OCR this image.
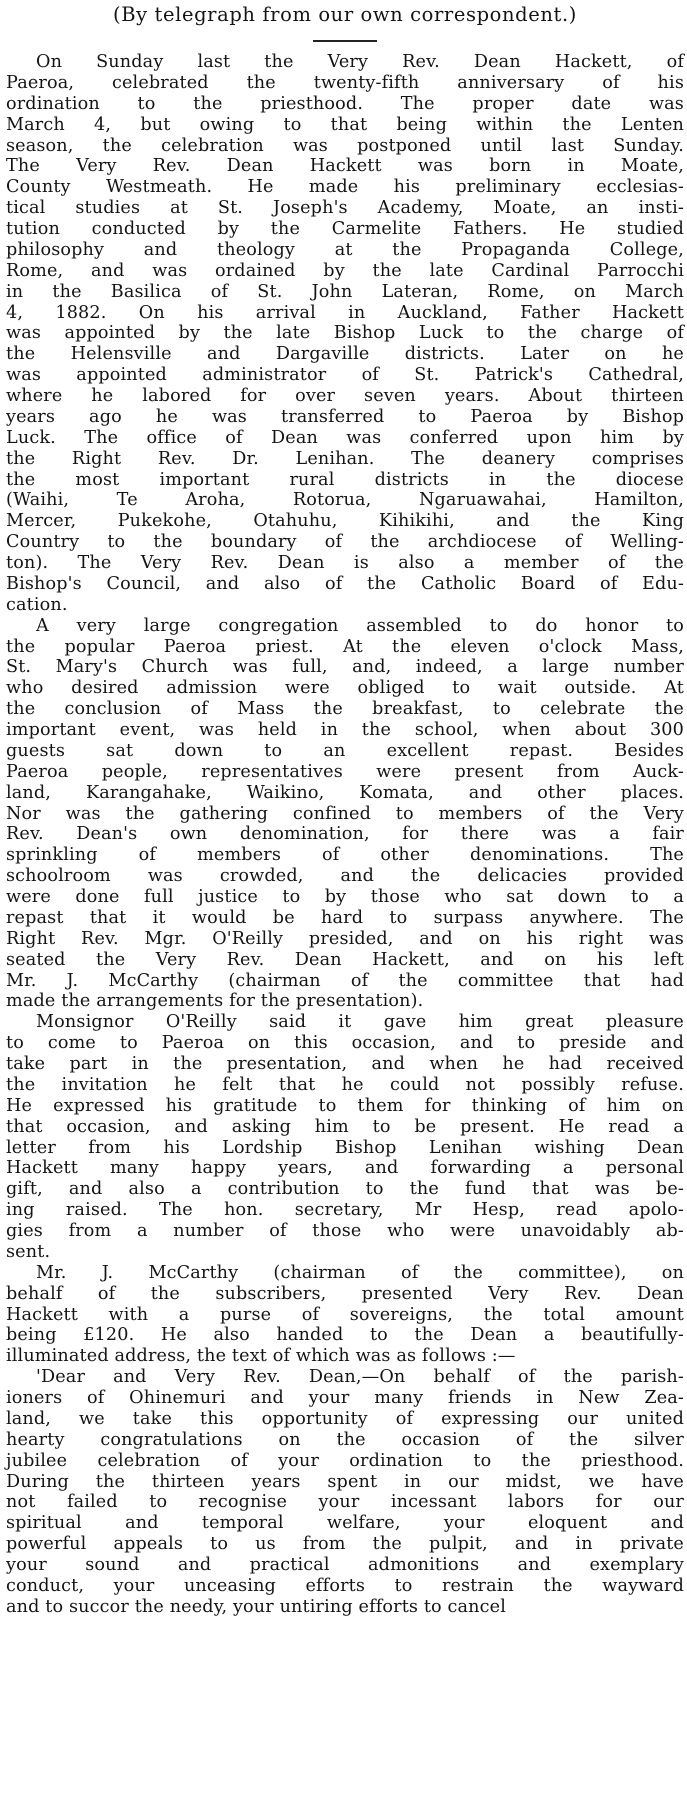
(By telegraph from our own correspondent.)
On Sunday last the Very Rev. Dean Hackett, of
Paeroa, celebrated the twenty-fifth anniversary of his
ordination to the priesthood. The proper date was
March 4, but owing to that being within the Lenten
season, the celebration was postponed until last Sunday.
The Very Rev. Dean Hackett was born in Moate,
County Westmeath. He made his preliminary ecclesias-
tical studies at St. Joseph's Academy, Moate, an insti-
tution conducted by the Carmelite Fathers. He studied
philosophy and theology at the Propaganda College,
Rome, and was ordained by the late Cardinal Parrocchi
in the Basilica of St. John Lateran, Rome, on March
4, 1882. On his arrival in Auckland, Father Hackett
was appointed by the late Bishop Luck to the charge of
the Helensville and Dargaville districts. Later on he
was appointed administrator of St. Patrick's Cathedral,
where he labored for over seven years. About thirteen
years ago he was transferred to Paeroa by Bishop
Luck. The office of Dean was conferred upon him by
the Right Rev. Dr. Lenihan. The deanery comprises
the most important rural districts in the diocese
(Waihi, Te Aroha, Rotorua, Ngaruawahai, Hamilton,
Mercer, Pukekohe, Otahuhu, Kihikihi, and the King
Country to the boundary of the archdiocese of Welling-
ton). The Very Rev. Dean is also a member of the
Bishop's Council, and also of the Catholic Board of Edu-
cation.
A very large congregation assembled to do honor to
the popular Paeroa priest. At the eleven o'clock Mass,
St. Mary's Church was full, and, indeed, a large number
who desired admission were obliged to wait outside. At
the conclusion of Mass the breakfast, to celebrate the
important event, was held in the school, when about 300
guests sat down to an excellent repast. Besides
Paeroa people, representatives were present from Auck-
land, Karangahake, Waikino, Komata, and other places.
Nor was the gathering confined to members of the Very
Rev. Dean's own denomination, for there was a fair
sprinkling of members of other denominations. The
schoolroom was crowded, and the delicacies provided
were done full justice to by those who sat down to a
repast that it would be hard to surpass anywhere. The
Right Rev. Mgr. O'Reilly presided, and on his right was
seated the Very Rev. Dean Hackett, and on his left
Mr. J. McCarthy (chairman of the committee that had
made the arrangements for the presentation).
Monsignor O'Reilly said it gave him great pleasure
to come to Paeroa on this occasion, and to preside and
take part in the presentation, and when he had received
the invitation he felt that he could not possibly refuse.
He expressed his gratitude to them for thinking of him on
that occasion, and asking him to be present. He read a
letter from his Lordship Bishop Lenihan wishing Dean
Hackett many happy years, and forwarding a personal
gift, and also a contribution to the fund that was be-
ing raised. The hon. secretary, Mr Hesp, read apolo-
gies from a number of those who were unavoidably ab-
sent.
Mr. J. McCarthy (chairman of the committee), on
behalf of the subscribers, presented Very Rev. Dean
Hackett with a purse of sovereigns, the total amount
being £120. He also handed to the Dean a beautifully-
illuminated address, the text of which was as follows :—
'Dear and Very Rev. Dean,—On behalf of the parish-
ioners of Ohinemuri and your many friends in New Zea-
land, we take this opportunity of expressing our united
hearty congratulations on the occasion of the silver
jubilee celebration of your ordination to the priesthood.
During the thirteen years spent in our midst, we have
not failed to recognise your incessant labors for our
spiritual and temporal welfare, your eloquent and
powerful appeals to us from the pulpit, and in private
your sound and practical admonitions and exemplary
conduct, your unceasing efforts to restrain the wayward
and to succor the needy, your untiring efforts to cancel
